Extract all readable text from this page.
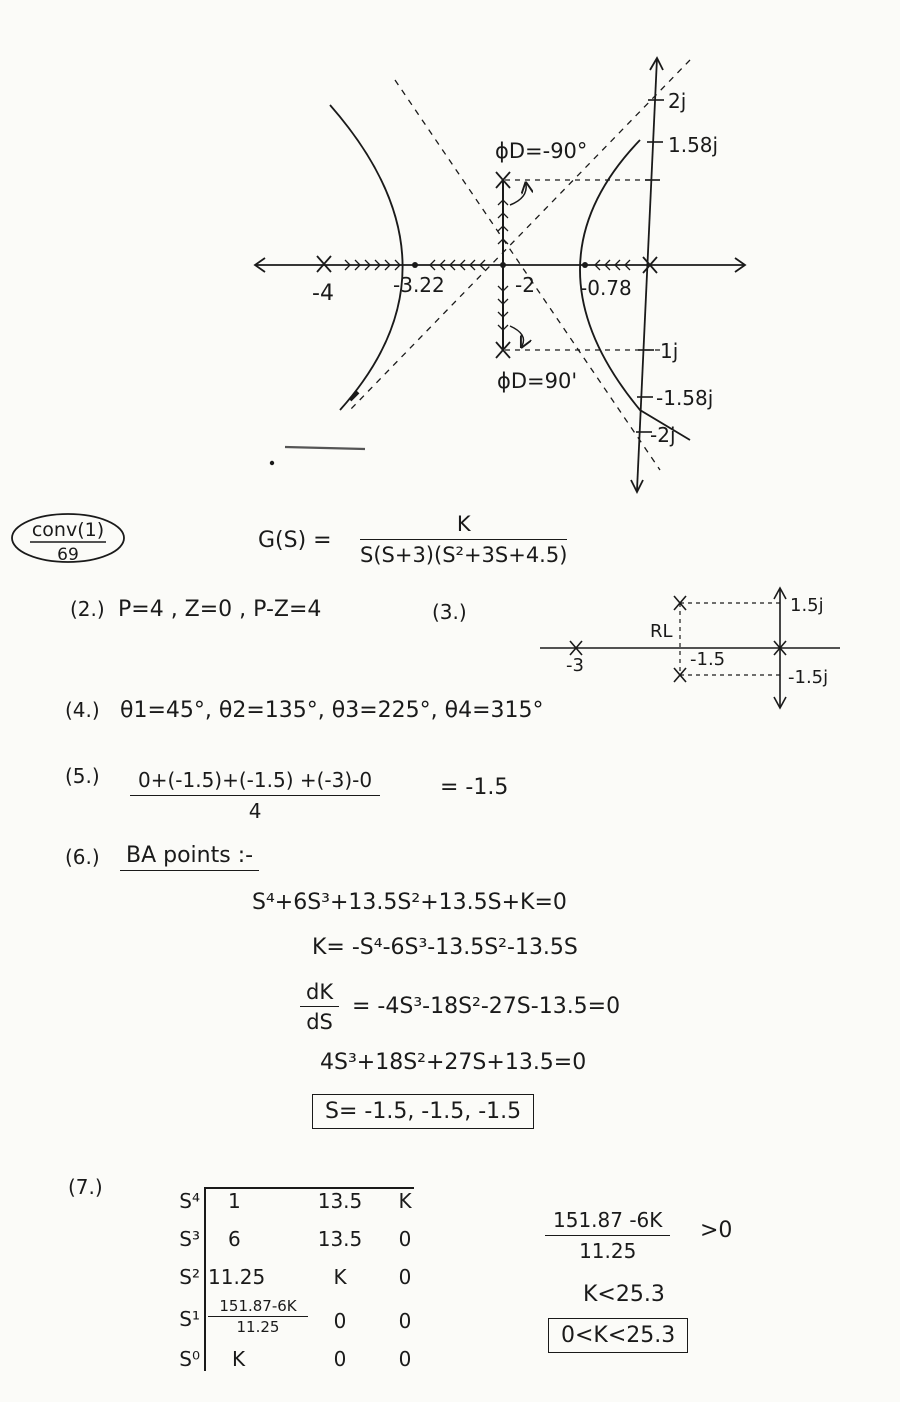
-4	-3.22	-2 -0.78
2j
1.58j
1j
-1.58j
-2j
ϕD=-90°
ϕD=90'
conv(1)
69
$G(S) = \frac{K}{\text{S(S+3)(S²+3S+4.5)}}$
(2.) P=4 , Z=0 , P-Z=4	(3.)
RL
-3	-1.5
1.5j
-1.5j
(4.) θ1=45°, θ2=135°, θ3=225°, θ4=315°
$(5.) \frac{0+(-1.5)+(-1.5) +(-3)-0}{4}$	= -1.5
(6.) BA points :-
S⁴+6S³+13.5S²+13.5S+K=0
K= -S⁴-6S³-13.5S²-13.5S
$\frac{dK}{dS} = -4S^3-18S^2-27S-13.5=0$
4S³+18S²+27S+13.5=0
S= -1.5, -1.5, -1.5
(7.)
S⁴	1	13.5	K
S³	6	13.5	0
S² 11.25	K	0
$S^1 \frac{151.87-6K}{11.25}$	0	0
S⁰	K	0	0
$\frac{151.87 -6K}{11.25} >0$
K<25.3
0<K<25.3
